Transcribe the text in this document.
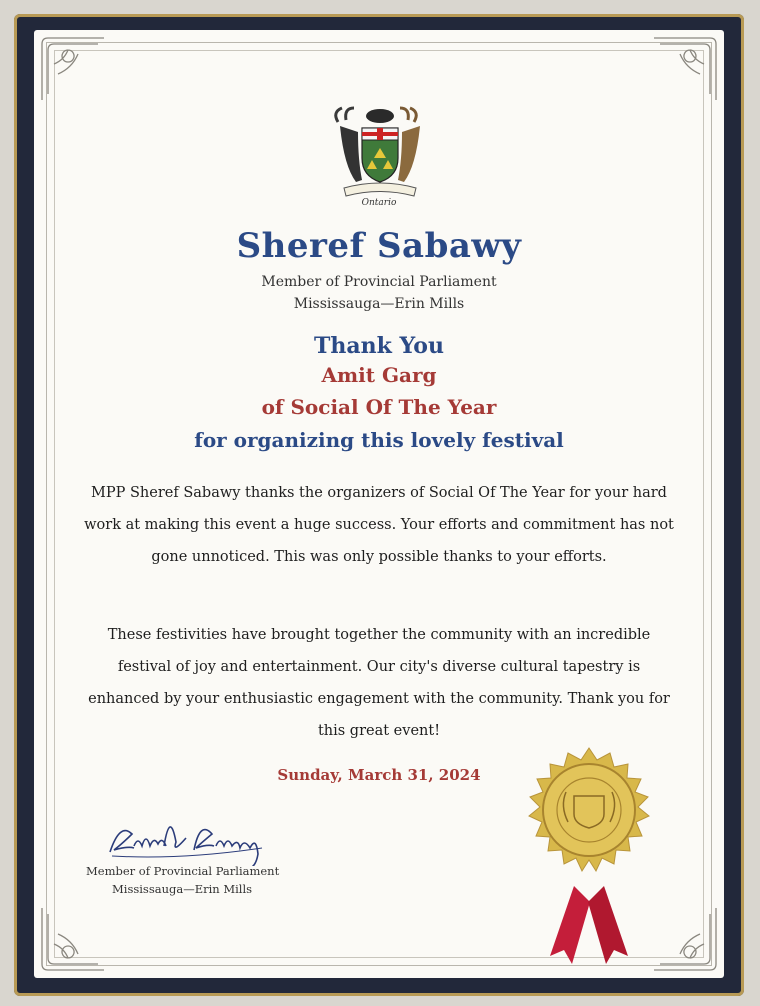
Ontario
Sheref Sabawy
Member of Provincial Parliament
Mississauga—Erin Mills
Thank You
Amit Garg
of Social Of The Year
for organizing this lovely festival
MPP Sheref Sabawy thanks the organizers of Social Of The Year for your hard work at making this event a huge success. Your efforts and commitment has not gone unnoticed. This was only possible thanks to your efforts.
These festivities have brought together the community with an incredible festival of joy and entertainment. Our city's diverse cultural tapestry is enhanced by your enthusiastic engagement with the community. Thank you for this great event!
Sunday, March 31, 2024
Member of Provincial Parliament
Mississauga—Erin Mills
